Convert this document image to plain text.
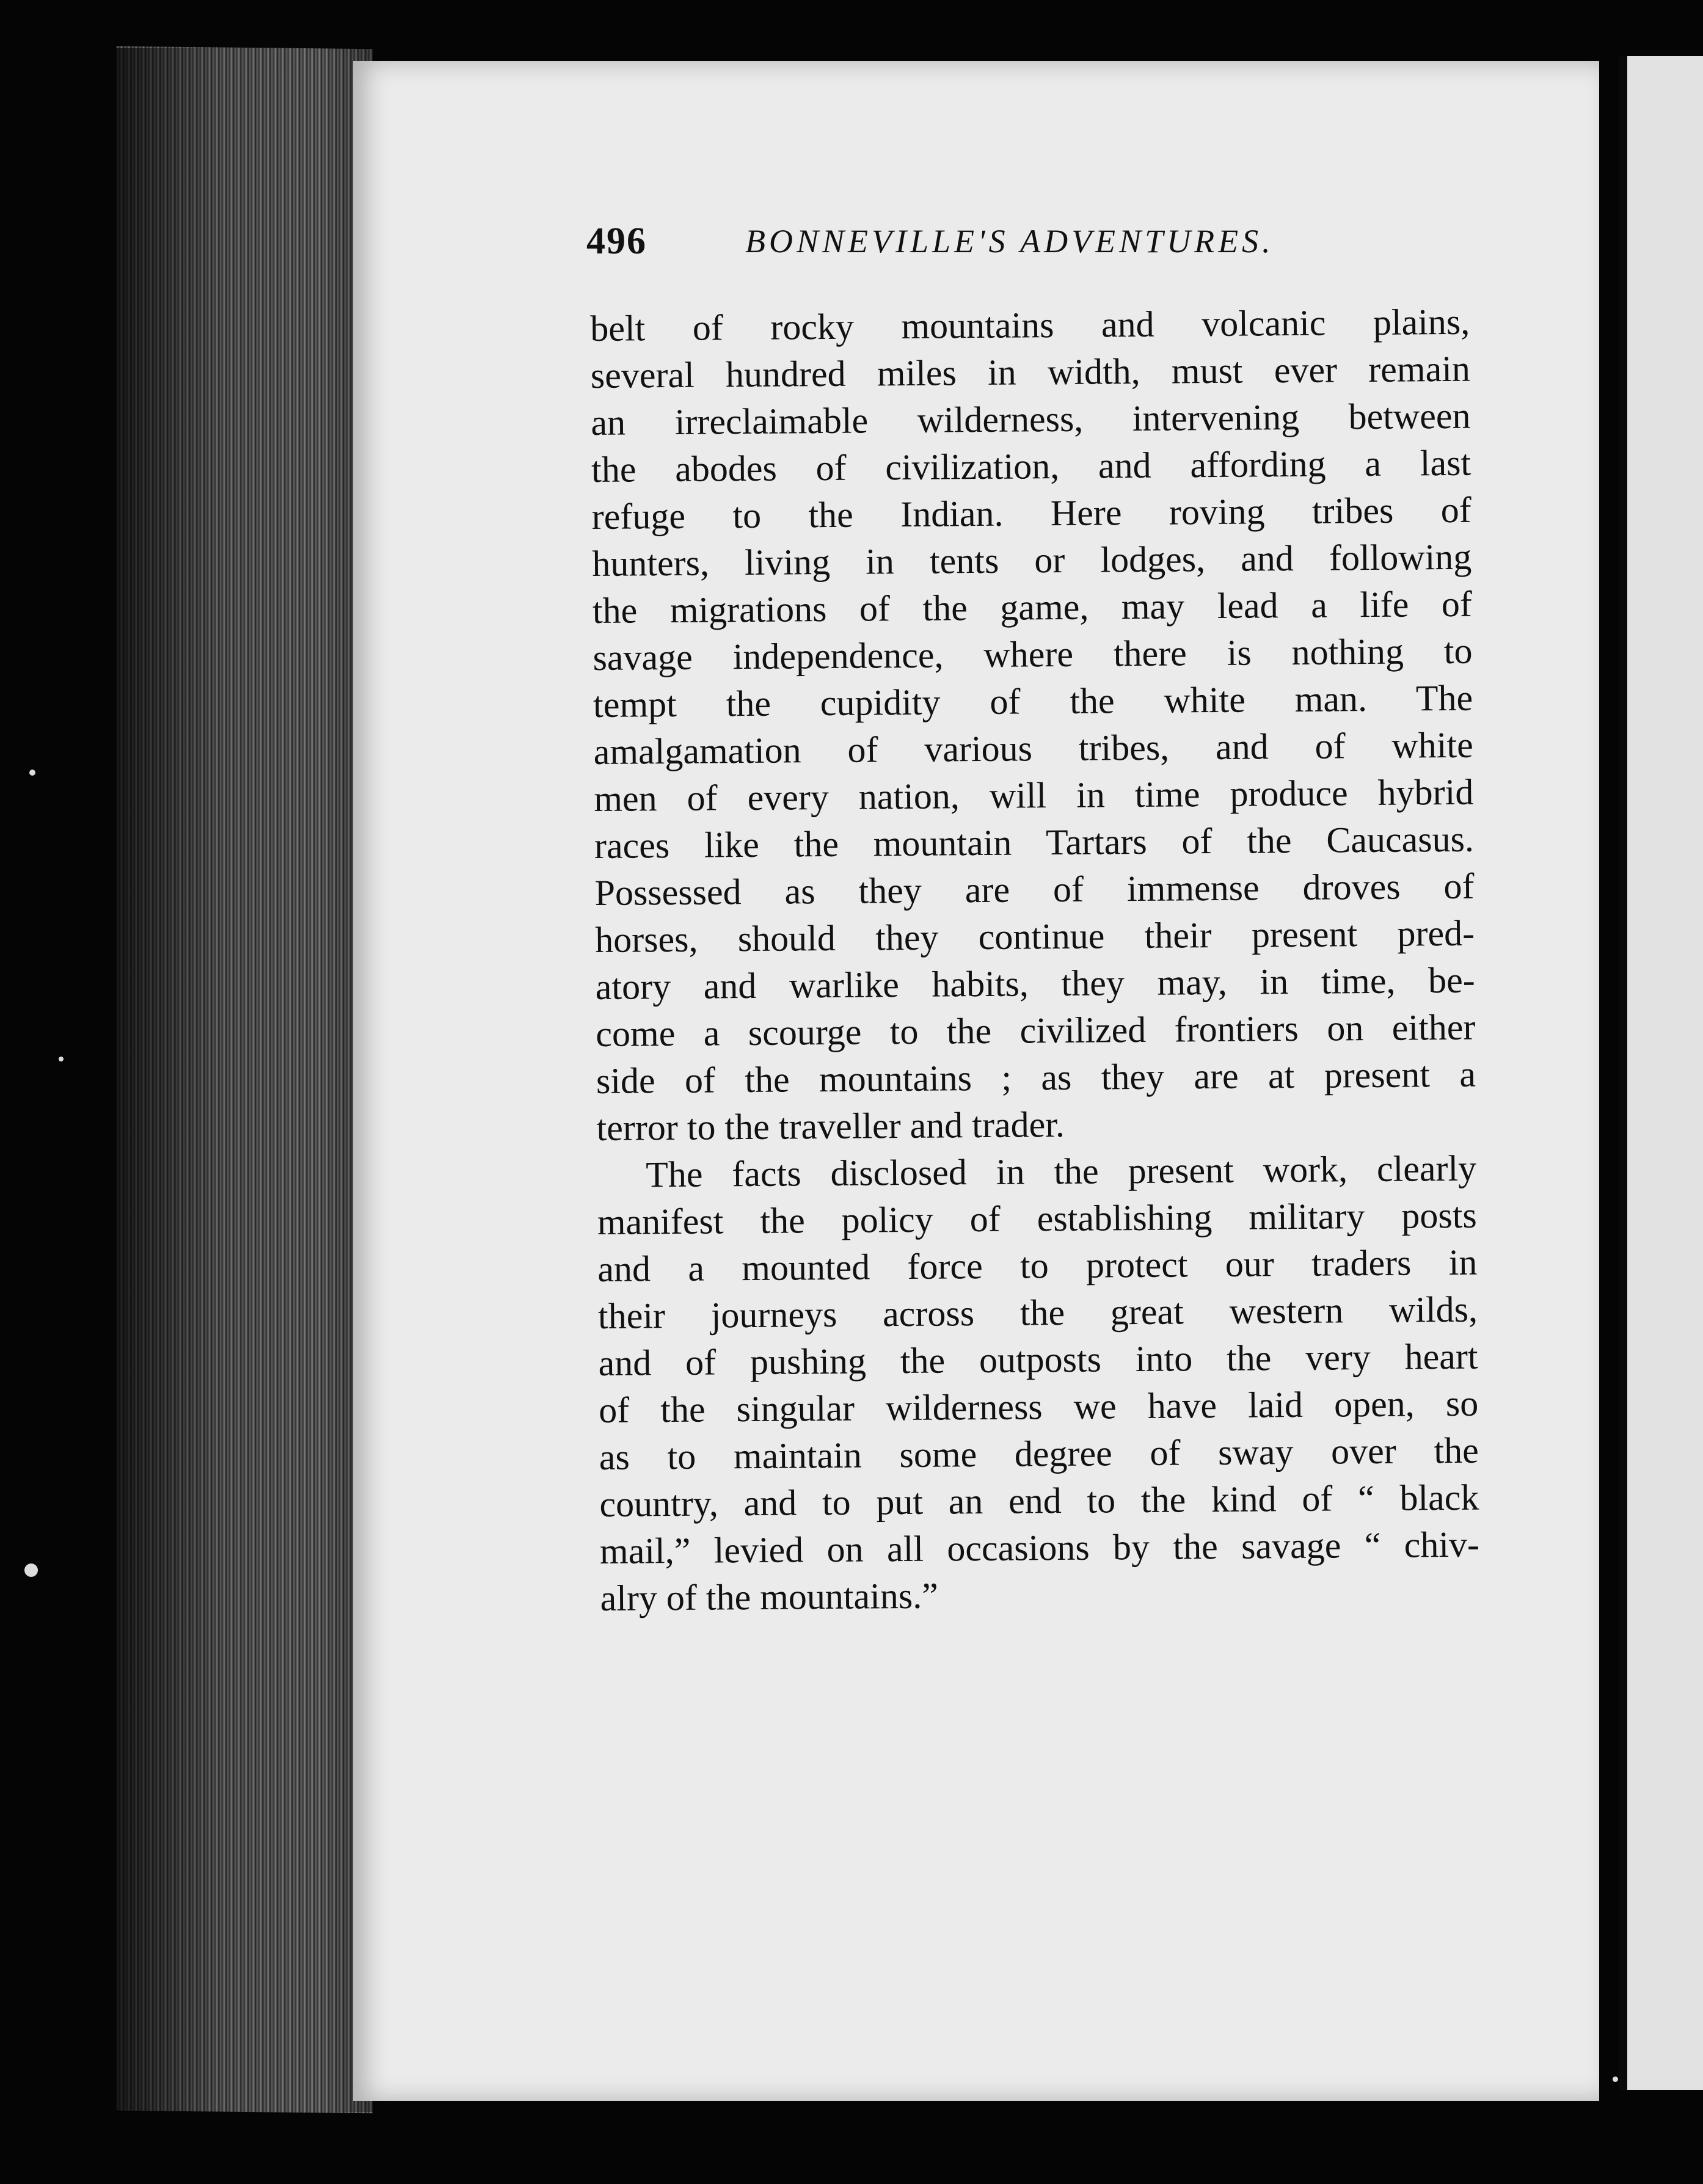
496	BONNEVILLE'S ADVENTURES.
belt of rocky mountains and volcanic plains,
several hundred miles in width, must ever remain
an irreclaimable wilderness, intervening between
the abodes of civilization, and affording a last
refuge to the Indian. Here roving tribes of
hunters, living in tents or lodges, and following
the migrations of the game, may lead a life of
savage independence, where there is nothing to
tempt the cupidity of the white man. The
amalgamation of various tribes, and of white
men of every nation, will in time produce hybrid
races like the mountain Tartars of the Caucasus.
Possessed as they are of immense droves of
horses, should they continue their present pred-
atory and warlike habits, they may, in time, be-
come a scourge to the civilized frontiers on either
side of the mountains ; as they are at present a
terror to the traveller and trader.
The facts disclosed in the present work, clearly
manifest the policy of establishing military posts
and a mounted force to protect our traders in
their journeys across the great western wilds,
and of pushing the outposts into the very heart
of the singular wilderness we have laid open, so
as to maintain some degree of sway over the
country, and to put an end to the kind of “ black
mail,” levied on all occasions by the savage “ chiv-
alry of the mountains.”
